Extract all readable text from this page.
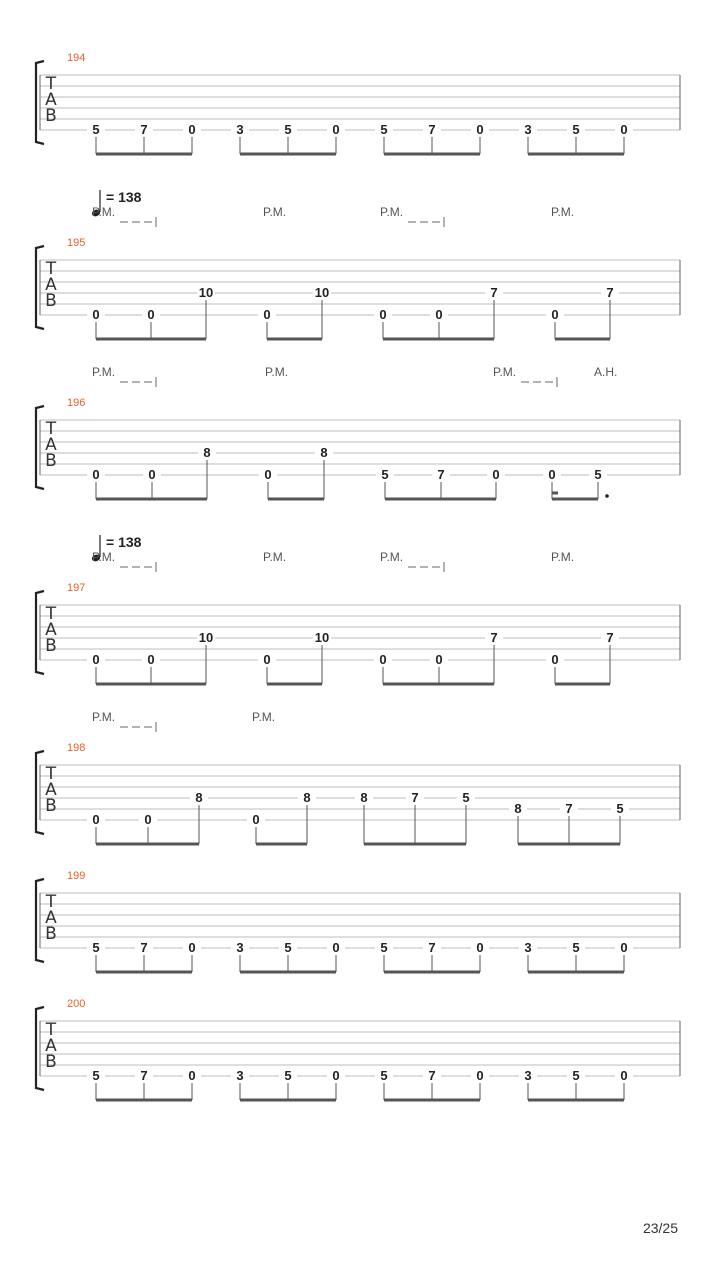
T
A
B
194
5	7	0	3	5	0	5	7	0	3	5	0
T
A
B
195
= 138
P.M.	P.M.	P.M.	P.M.
0	0
10
0
10
0	0
7
0
7
T
A
B
196
P.M.	P.M.	P.M.	A.H.
0	0
8
0
8
5	7	0	0	5
T
A
B
197
= 138
P.M.	P.M.	P.M.	P.M.
0	0
10
0
10
0	0
7
0
7
T
A
B
198
P.M.	P.M.
0	0
8
0
8	8	7	5
8	7	5
T
A
B
199
5	7	0	3	5	0	5	7	0	3	5	0
T
A
B
200
5	7	0	3	5	0	5	7	0	3	5	0
23/25
